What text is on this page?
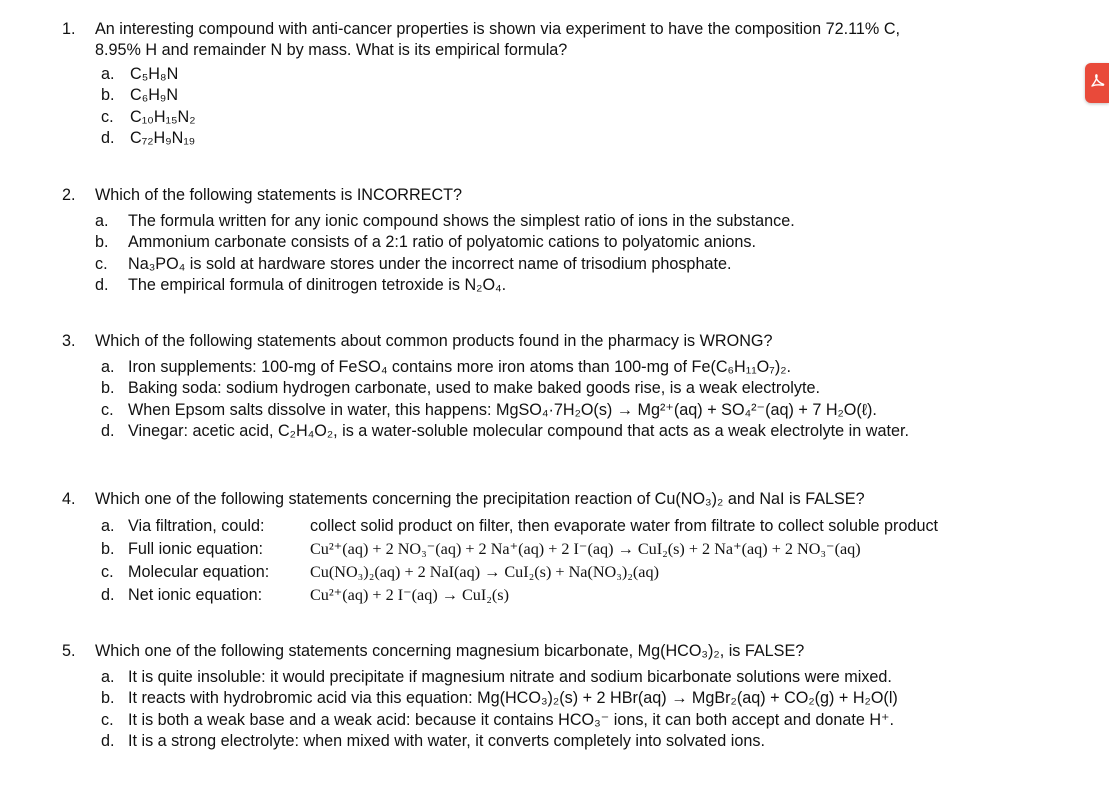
1. An interesting compound with anti-cancer properties is shown via experiment to have the composition 72.11% C,
8.95% H and remainder N by mass. What is its empirical formula?
a. C₅H₈N
b. C₆H₉N
c. C₁₀H₁₅N₂
d. C₇₂H₉N₁₉
2. Which of the following statements is INCORRECT?
a. The formula written for any ionic compound shows the simplest ratio of ions in the substance.
b. Ammonium carbonate consists of a 2:1 ratio of polyatomic cations to polyatomic anions.
c. Na₃PO₄ is sold at hardware stores under the incorrect name of trisodium phosphate.
d. The empirical formula of dinitrogen tetroxide is N₂O₄.
3. Which of the following statements about common products found in the pharmacy is WRONG?
a. Iron supplements: 100-mg of FeSO₄ contains more iron atoms than 100-mg of Fe(C₆H₁₁O₇)₂.
b. Baking soda: sodium hydrogen carbonate, used to make baked goods rise, is a weak electrolyte.
c. When Epsom salts dissolve in water, this happens: MgSO₄·7H₂O(s) → Mg²⁺(aq) + SO₄²⁻(aq) + 7 H₂O(ℓ).
d. Vinegar: acetic acid, C₂H₄O₂, is a water-soluble molecular compound that acts as a weak electrolyte in water.
4. Which one of the following statements concerning the precipitation reaction of Cu(NO₃)₂ and NaI is FALSE?
a. Via filtration, could:	collect solid product on filter, then evaporate water from filtrate to collect soluble product
b. Full ionic equation:	Cu²⁺(aq) + 2 NO₃⁻(aq) + 2 Na⁺(aq) + 2 I⁻(aq) → CuI₂(s) + 2 Na⁺(aq) + 2 NO₃⁻(aq)
c. Molecular equation:	Cu(NO₃)₂(aq) + 2 NaI(aq) → CuI₂(s) + Na(NO₃)₂(aq)
d. Net ionic equation:	Cu²⁺(aq) + 2 I⁻(aq) → CuI₂(s)
5. Which one of the following statements concerning magnesium bicarbonate, Mg(HCO₃)₂, is FALSE?
a. It is quite insoluble: it would precipitate if magnesium nitrate and sodium bicarbonate solutions were mixed.
b. It reacts with hydrobromic acid via this equation: Mg(HCO₃)₂(s) + 2 HBr(aq) → MgBr₂(aq) + CO₂(g) + H₂O(l)
c. It is both a weak base and a weak acid: because it contains HCO₃⁻ ions, it can both accept and donate H⁺.
d. It is a strong electrolyte: when mixed with water, it converts completely into solvated ions.
